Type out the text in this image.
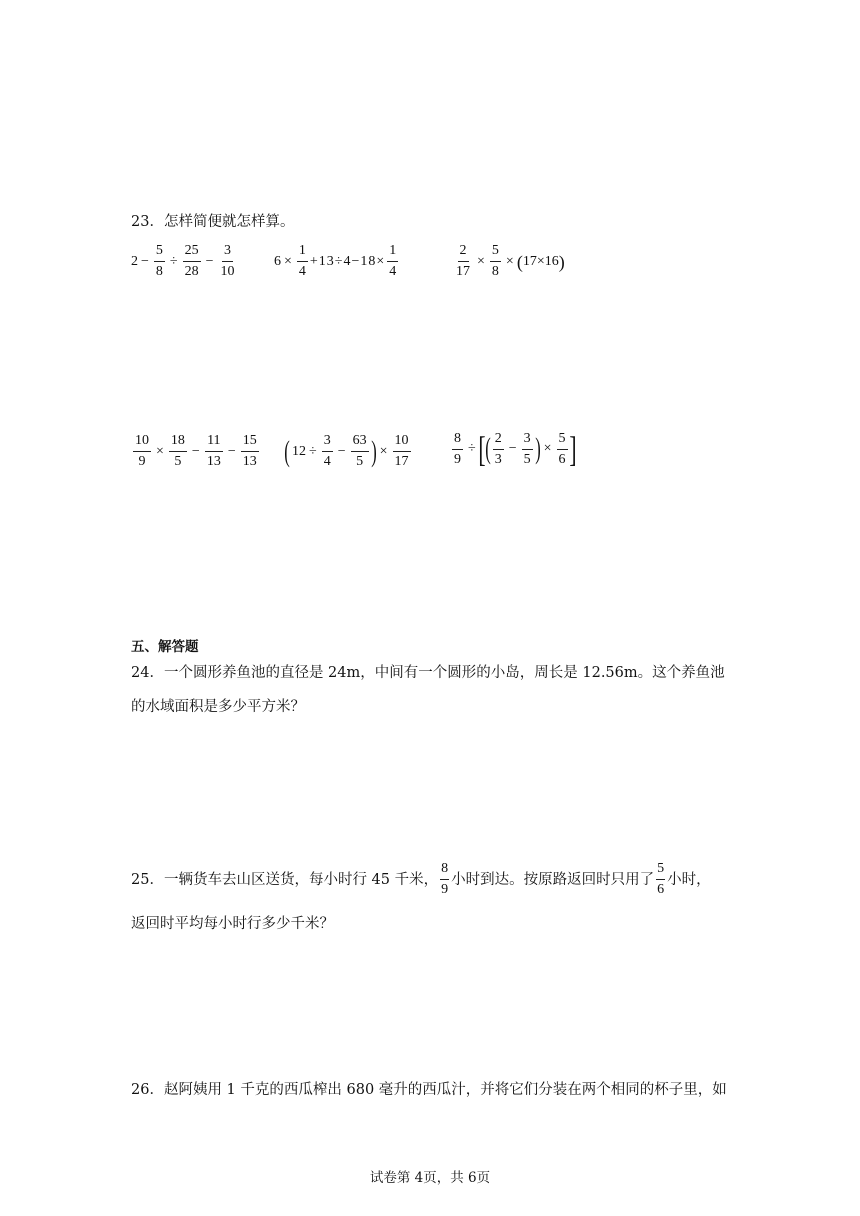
23．怎样简便就怎样算。
$2 - \frac{5}{8} \div \frac{25}{28} - \frac{3}{10}$	$6 \times \frac{1}{4} +13\div 4-18\times \frac{1}{4}$	$\frac{2}{17} \times \frac{5}{8}$ × ( 17×16 )
$\frac{10}{9} \times \frac{18}{5} - \frac{11}{13} - \frac{15}{13}$ ( $12 \div \frac{3}{4} - \frac{63}{5}$ ) × $\frac{10}{17}$	$\frac{8}{9}$ ÷ [ ( $\frac{2}{3} - \frac{3}{5}$ ) × $\frac{5}{6}$ ]
五、解答题
24．一个圆形养鱼池的直径是 24m，中间有一个圆形的小岛，周长是 12.56m。这个养鱼池
的水域面积是多少平方米？
25．一辆货车去山区送货，每小时行 45 千米， $\frac{8}{9}$ 小时到达。按原路返回时只用了 $\frac{5}{6}$ 小时，
返回时平均每小时行多少千米？
26．赵阿姨用 1 千克的西瓜榨出 680 毫升的西瓜汁，并将它们分装在两个相同的杯子里，如
试卷第 4页，共 6页
